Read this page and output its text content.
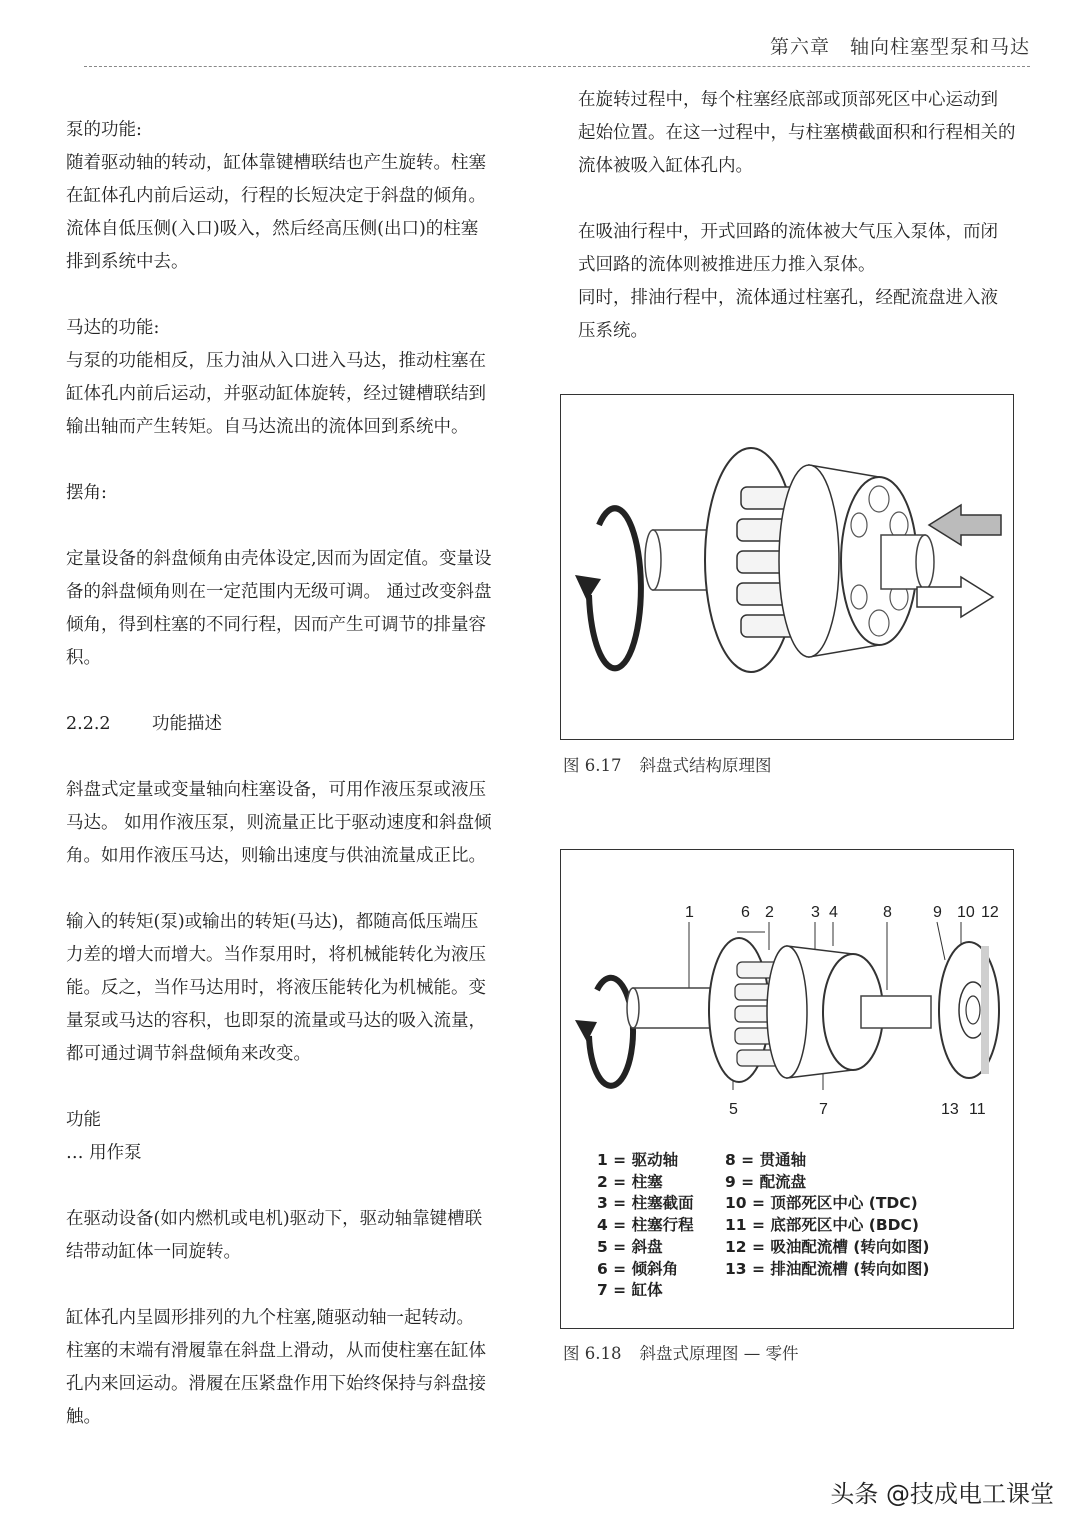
第六章　轴向柱塞型泵和马达

泵的功能:

随着驱动轴的转动，缸体靠键槽联结也产生旋转。柱塞

在缸体孔内前后运动，行程的长短决定于斜盘的倾角。

流体自低压侧(入口)吸入，然后经高压侧(出口)的柱塞

排到系统中去。

马达的功能:

与泵的功能相反，压力油从入口进入马达，推动柱塞在

缸体孔内前后运动，并驱动缸体旋转，经过键槽联结到

输出轴而产生转矩。自马达流出的流体回到系统中。

摆角:

定量设备的斜盘倾角由壳体设定,因而为固定值。变量设

备的斜盘倾角则在一定范围内无级可调。 通过改变斜盘

倾角，得到柱塞的不同行程，因而产生可调节的排量容

积。

2.2.2 功能描述

斜盘式定量或变量轴向柱塞设备，可用作液压泵或液压

马达。 如用作液压泵，则流量正比于驱动速度和斜盘倾

角。如用作液压马达，则输出速度与供油流量成正比。

输入的转矩(泵)或输出的转矩(马达)，都随高低压端压

力差的增大而增大。当作泵用时，将机械能转化为液压

能。反之，当作马达用时，将液压能转化为机械能。变

量泵或马达的容积，也即泵的流量或马达的吸入流量，

都可通过调节斜盘倾角来改变。

功能

… 用作泵

在驱动设备(如内燃机或电机)驱动下，驱动轴靠键槽联

结带动缸体一同旋转。

缸体孔内呈圆形排列的九个柱塞,随驱动轴一起转动。

柱塞的末端有滑履靠在斜盘上滑动，从而使柱塞在缸体

孔内来回运动。滑履在压紧盘作用下始终保持与斜盘接

触。

在旋转过程中，每个柱塞经底部或顶部死区中心运动到

起始位置。在这一过程中，与柱塞横截面积和行程相关的

流体被吸入缸体孔内。

在吸油行程中，开式回路的流体被大气压入泵体，而闭

式回路的流体则被推进压力推入泵体。

同时，排油行程中，流体通过柱塞孔，经配流盘进入液

压系统。

图 6.17 斜盘式结构原理图
1	6 2 3 4	8	9 10 12
5	7	13 11
1 = 驱动轴
2 = 柱塞
3 = 柱塞截面
4 = 柱塞行程
5 = 斜盘
6 = 倾斜角
7 = 缸体
8 = 贯通轴
9 = 配流盘
10 = 顶部死区中心 (TDC)
11 = 底部死区中心 (BDC)
12 = 吸油配流槽 (转向如图)
13 = 排油配流槽 (转向如图)
图 6.18 斜盘式原理图 — 零件
头条 @技成电工课堂
